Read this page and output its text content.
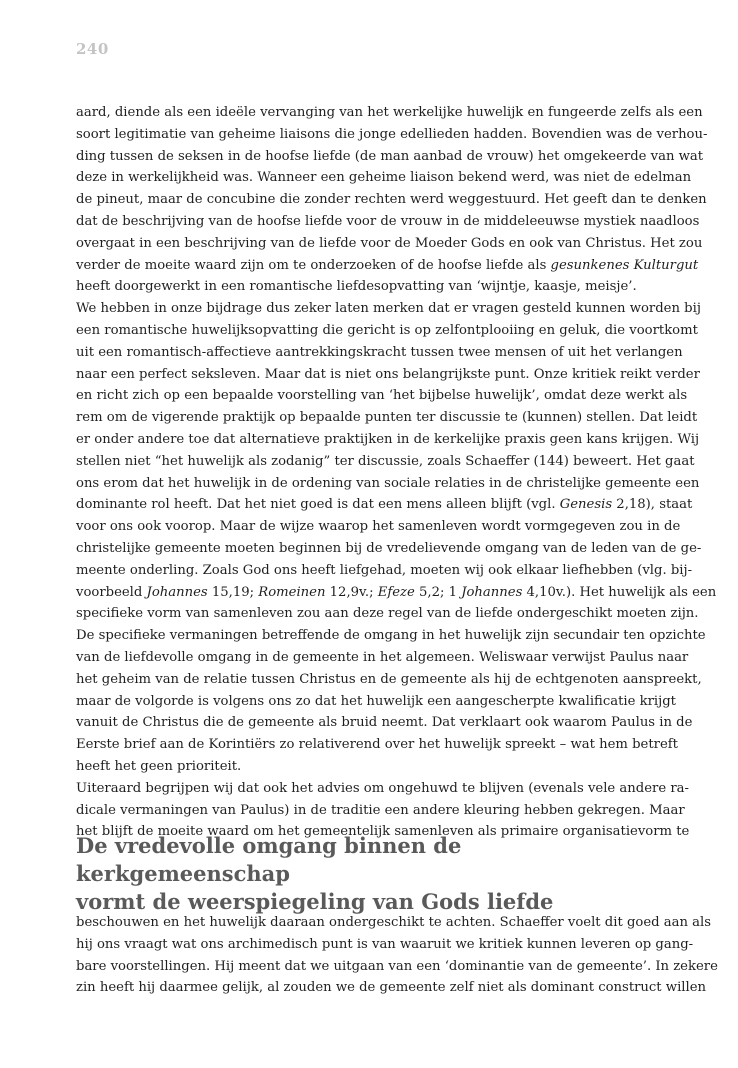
240
aard, diende als een ideële vervanging van het werkelijke huwelijk en fungeerde zelfs als een
soort legitimatie van geheime liaisons die jonge edellieden hadden. Bovendien was de verhou-
ding tussen de seksen in de hoofse liefde (de man aanbad de vrouw) het omgekeerde van wat
deze in werkelijkheid was. Wanneer een geheime liaison bekend werd, was niet de edelman
de pineut, maar de concubine die zonder rechten werd weggestuurd. Het geeft dan te denken
dat de beschrijving van de hoofse liefde voor de vrouw in de middeleeuwse mystiek naadloos
overgaat in een beschrijving van de liefde voor de Moeder Gods en ook van Christus. Het zou
verder de moeite waard zijn om te onderzoeken of de hoofse liefde als gesunkenes Kulturgut
heeft doorgewerkt in een romantische liefdesopvatting van ‘wijntje, kaasje, meisje’.
We hebben in onze bijdrage dus zeker laten merken dat er vragen gesteld kunnen worden bij
een romantische huwelijksopvatting die gericht is op zelfontplooiing en geluk, die voortkomt
uit een romantisch-affectieve aantrekkingskracht tussen twee mensen of uit het verlangen
naar een perfect seksleven. Maar dat is niet ons belangrijkste punt. Onze kritiek reikt verder
en richt zich op een bepaalde voorstelling van ‘het bijbelse huwelijk’, omdat deze werkt als
rem om de vigerende praktijk op bepaalde punten ter discussie te (kunnen) stellen. Dat leidt
er onder andere toe dat alternatieve praktijken in de kerkelijke praxis geen kans krijgen. Wij
stellen niet “het huwelijk als zodanig” ter discussie, zoals Schaeffer (144) beweert. Het gaat
ons erom dat het huwelijk in de ordening van sociale relaties in de christelijke gemeente een
dominante rol heeft. Dat het niet goed is dat een mens alleen blijft (vgl. Genesis 2,18), staat
voor ons ook voorop. Maar de wijze waarop het samenleven wordt vormgegeven zou in de
christelijke gemeente moeten beginnen bij de vredelievende omgang van de leden van de ge-
meente onderling. Zoals God ons heeft liefgehad, moeten wij ook elkaar liefhebben (vlg. bij-
voorbeeld Johannes 15,19; Romeinen 12,9v.; Efeze 5,2; 1 Johannes 4,10v.). Het huwelijk als een
specifieke vorm van samenleven zou aan deze regel van de liefde ondergeschikt moeten zijn.
De specifieke vermaningen betreffende de omgang in het huwelijk zijn secundair ten opzichte
van de liefdevolle omgang in de gemeente in het algemeen. Weliswaar verwijst Paulus naar
het geheim van de relatie tussen Christus en de gemeente als hij de echtgenoten aanspreekt,
maar de volgorde is volgens ons zo dat het huwelijk een aangescherpte kwalificatie krijgt
vanuit de Christus die de gemeente als bruid neemt. Dat verklaart ook waarom Paulus in de
Eerste brief aan de Korintiërs zo relativerend over het huwelijk spreekt – wat hem betreft
heeft het geen prioriteit.
Uiteraard begrijpen wij dat ook het advies om ongehuwd te blijven (evenals vele andere ra-
dicale vermaningen van Paulus) in de traditie een andere kleuring hebben gekregen. Maar
het blijft de moeite waard om het gemeentelijk samenleven als primaire organisatievorm te
De vredevolle omgang binnen de kerkgemeenschap
vormt de weerspiegeling van Gods liefde
beschouwen en het huwelijk daaraan ondergeschikt te achten. Schaeffer voelt dit goed aan als
hij ons vraagt wat ons archimedisch punt is van waaruit we kritiek kunnen leveren op gang-
bare voorstellingen. Hij meent dat we uitgaan van een ‘dominantie van de gemeente’. In zekere
zin heeft hij daarmee gelijk, al zouden we de gemeente zelf niet als dominant construct willen
